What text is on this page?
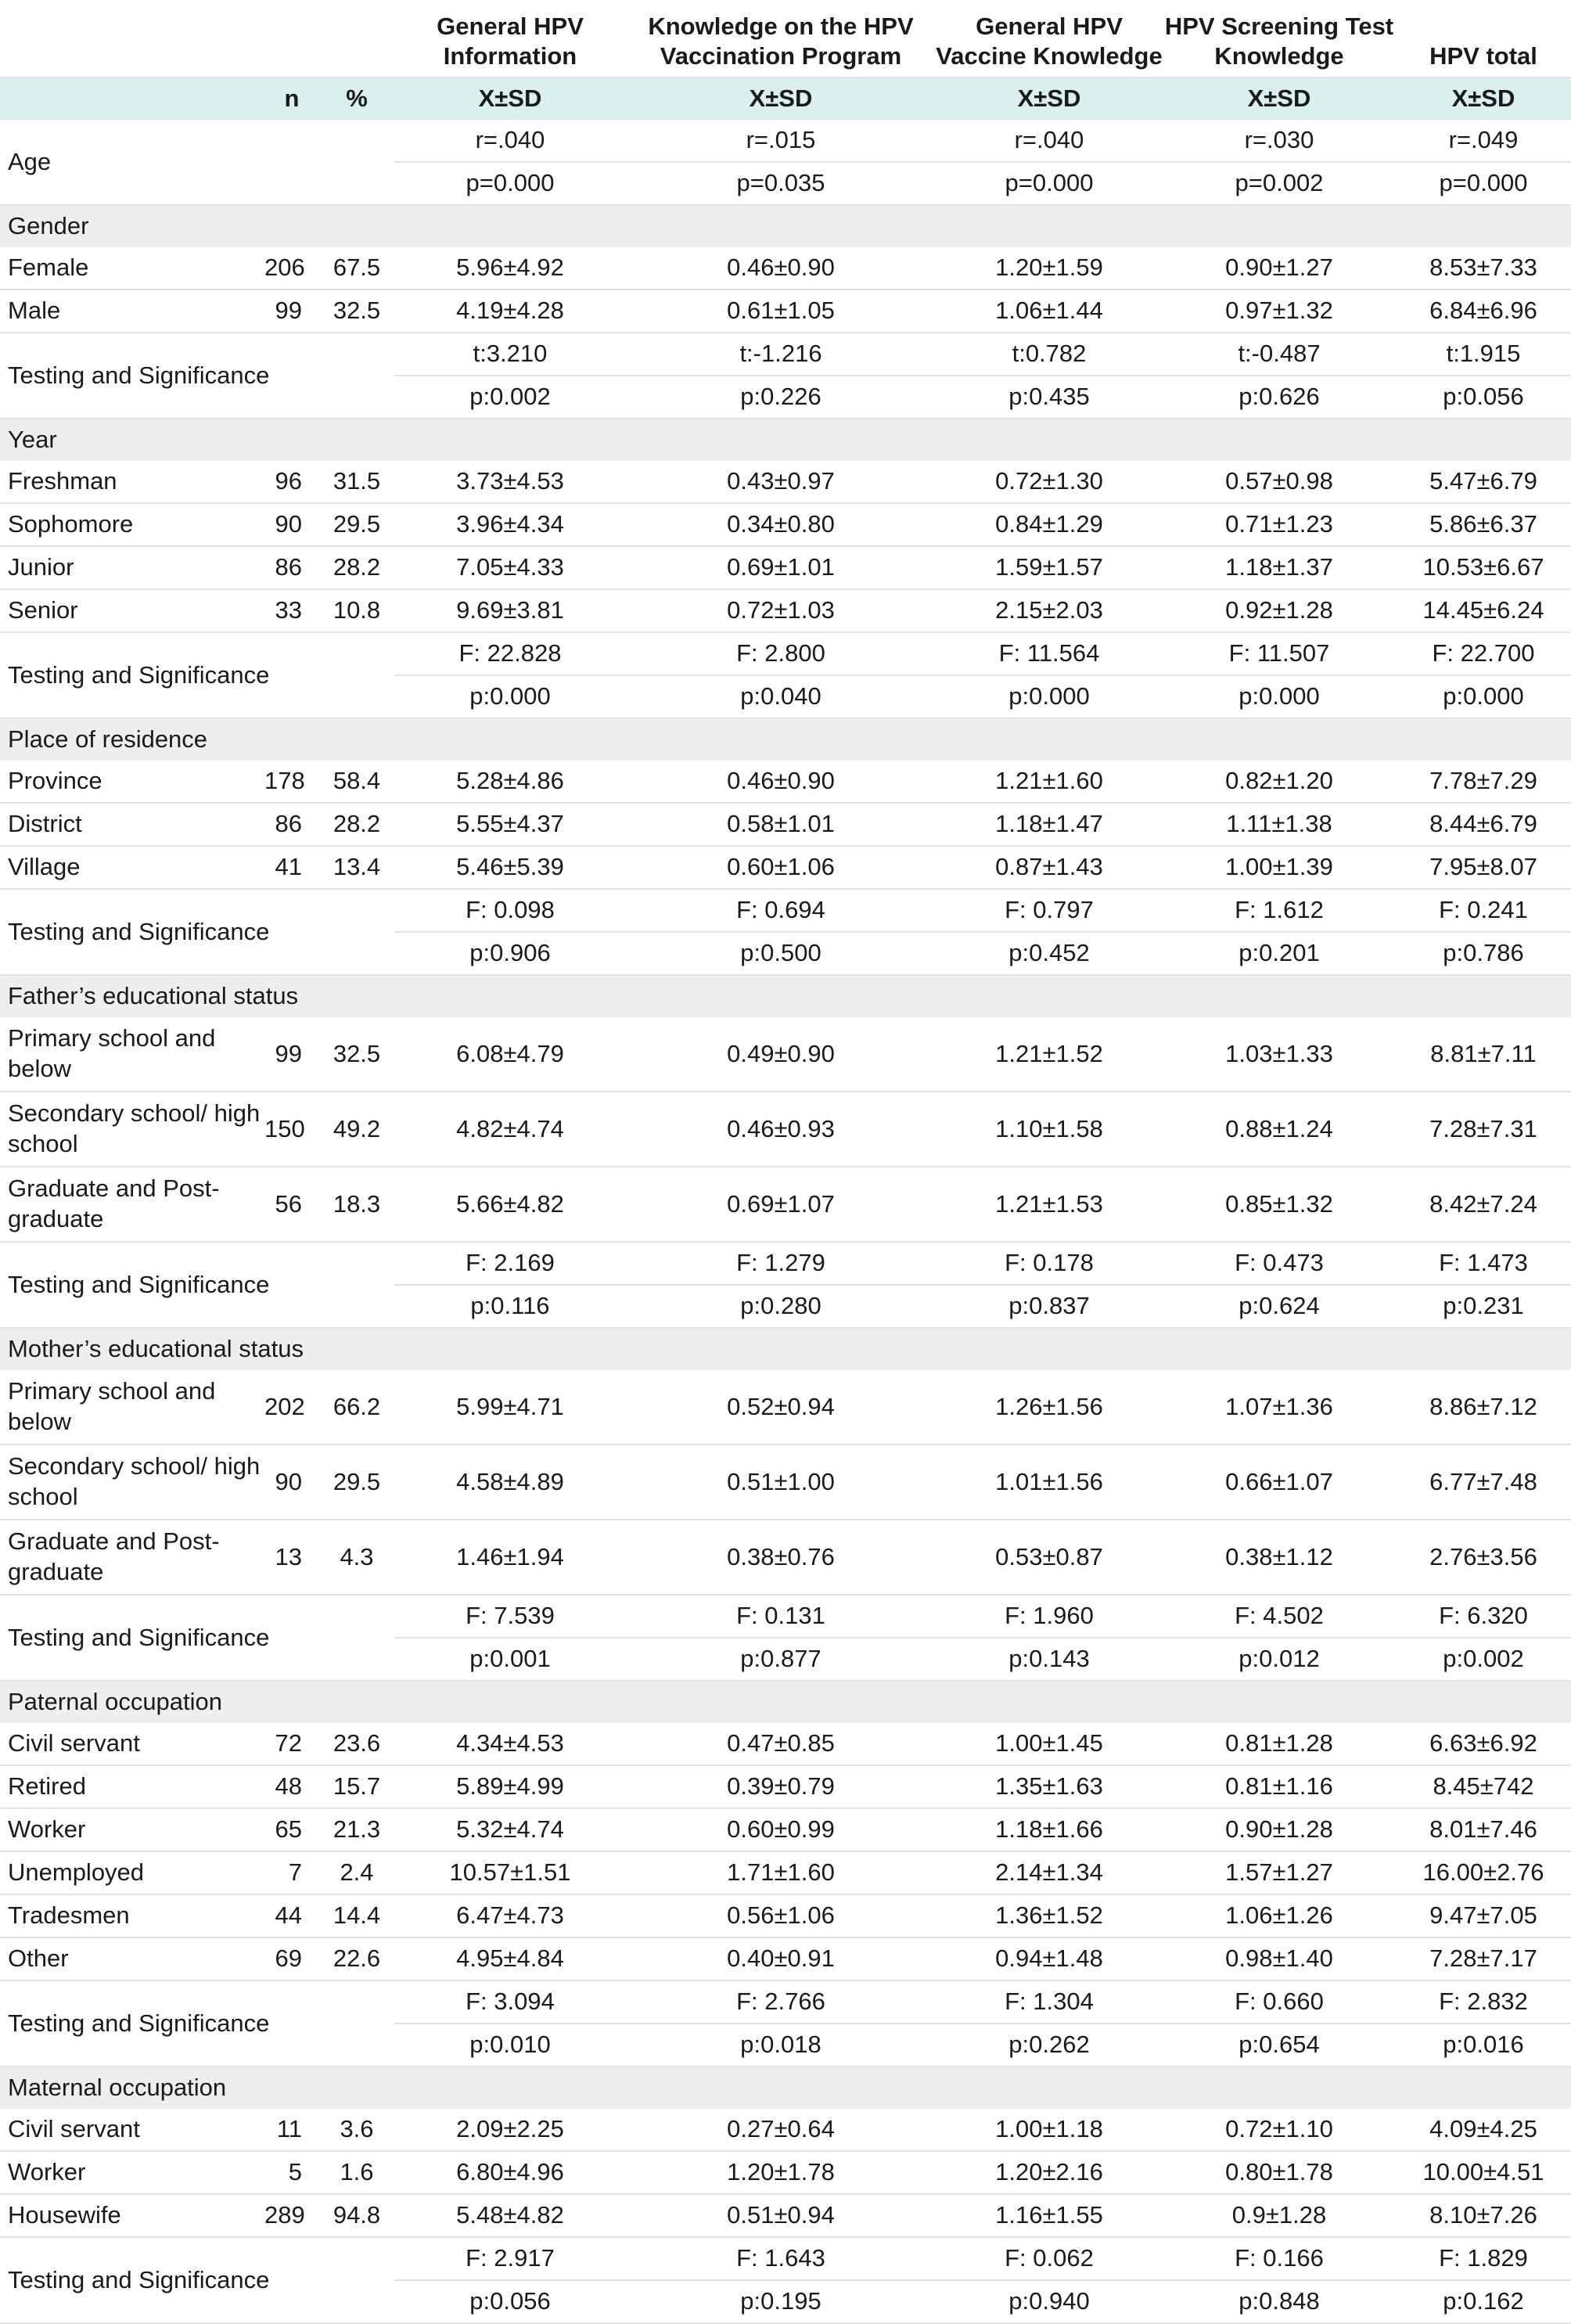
			General HPV Information	Knowledge on the HPV Vaccination Program	General HPV Vaccine Knowledge	HPV Screening Test Knowledge	HPV total
	n	%	X±SD	X±SD	X±SD	X±SD	X±SD
Age			r=.040	r=.015	r=.040	r=.030	r=.049
			p=0.000	p=0.035	p=0.000	p=0.002	p=0.000
Gender							
Female	206	67.5	5.96±4.92	0.46±0.90	1.20±1.59	0.90±1.27	8.53±7.33
Male	99	32.5	4.19±4.28	0.61±1.05	1.06±1.44	0.97±1.32	6.84±6.96
Testing and Significance			t:3.210	t:-1.216	t:0.782	t:-0.487	t:1.915
			p:0.002	p:0.226	p:0.435	p:0.626	p:0.056
Year							
Freshman	96	31.5	3.73±4.53	0.43±0.97	0.72±1.30	0.57±0.98	5.47±6.79
Sophomore	90	29.5	3.96±4.34	0.34±0.80	0.84±1.29	0.71±1.23	5.86±6.37
Junior	86	28.2	7.05±4.33	0.69±1.01	1.59±1.57	1.18±1.37	10.53±6.67
Senior	33	10.8	9.69±3.81	0.72±1.03	2.15±2.03	0.92±1.28	14.45±6.24
Testing and Significance			F: 22.828	F: 2.800	F: 11.564	F: 11.507	F: 22.700
			p:0.000	p:0.040	p:0.000	p:0.000	p:0.000
Place of residence							
Province	178	58.4	5.28±4.86	0.46±0.90	1.21±1.60	0.82±1.20	7.78±7.29
District	86	28.2	5.55±4.37	0.58±1.01	1.18±1.47	1.11±1.38	8.44±6.79
Village	41	13.4	5.46±5.39	0.60±1.06	0.87±1.43	1.00±1.39	7.95±8.07
Testing and Significance			F: 0.098	F: 0.694	F: 0.797	F: 1.612	F: 0.241
			p:0.906	p:0.500	p:0.452	p:0.201	p:0.786
Father’s educational status							
Primary school and below	99	32.5	6.08±4.79	0.49±0.90	1.21±1.52	1.03±1.33	8.81±7.11
Secondary school/ high school	150	49.2	4.82±4.74	0.46±0.93	1.10±1.58	0.88±1.24	7.28±7.31
Graduate and Post-graduate	56	18.3	5.66±4.82	0.69±1.07	1.21±1.53	0.85±1.32	8.42±7.24
Testing and Significance			F: 2.169	F: 1.279	F: 0.178	F: 0.473	F: 1.473
			p:0.116	p:0.280	p:0.837	p:0.624	p:0.231
Mother’s educational status							
Primary school and below	202	66.2	5.99±4.71	0.52±0.94	1.26±1.56	1.07±1.36	8.86±7.12
Secondary school/ high school	90	29.5	4.58±4.89	0.51±1.00	1.01±1.56	0.66±1.07	6.77±7.48
Graduate and Post-graduate	13	4.3	1.46±1.94	0.38±0.76	0.53±0.87	0.38±1.12	2.76±3.56
Testing and Significance			F: 7.539	F: 0.131	F: 1.960	F: 4.502	F: 6.320
			p:0.001	p:0.877	p:0.143	p:0.012	p:0.002
Paternal occupation							
Civil servant	72	23.6	4.34±4.53	0.47±0.85	1.00±1.45	0.81±1.28	6.63±6.92
Retired	48	15.7	5.89±4.99	0.39±0.79	1.35±1.63	0.81±1.16	8.45±742
Worker	65	21.3	5.32±4.74	0.60±0.99	1.18±1.66	0.90±1.28	8.01±7.46
Unemployed	7	2.4	10.57±1.51	1.71±1.60	2.14±1.34	1.57±1.27	16.00±2.76
Tradesmen	44	14.4	6.47±4.73	0.56±1.06	1.36±1.52	1.06±1.26	9.47±7.05
Other	69	22.6	4.95±4.84	0.40±0.91	0.94±1.48	0.98±1.40	7.28±7.17
Testing and Significance			F: 3.094	F: 2.766	F: 1.304	F: 0.660	F: 2.832
			p:0.010	p:0.018	p:0.262	p:0.654	p:0.016
Maternal occupation							
Civil servant	11	3.6	2.09±2.25	0.27±0.64	1.00±1.18	0.72±1.10	4.09±4.25
Worker	5	1.6	6.80±4.96	1.20±1.78	1.20±2.16	0.80±1.78	10.00±4.51
Housewife	289	94.8	5.48±4.82	0.51±0.94	1.16±1.55	0.9±1.28	8.10±7.26
Testing and Significance			F: 2.917	F: 1.643	F: 0.062	F: 0.166	F: 1.829
			p:0.056	p:0.195	p:0.940	p:0.848	p:0.162
